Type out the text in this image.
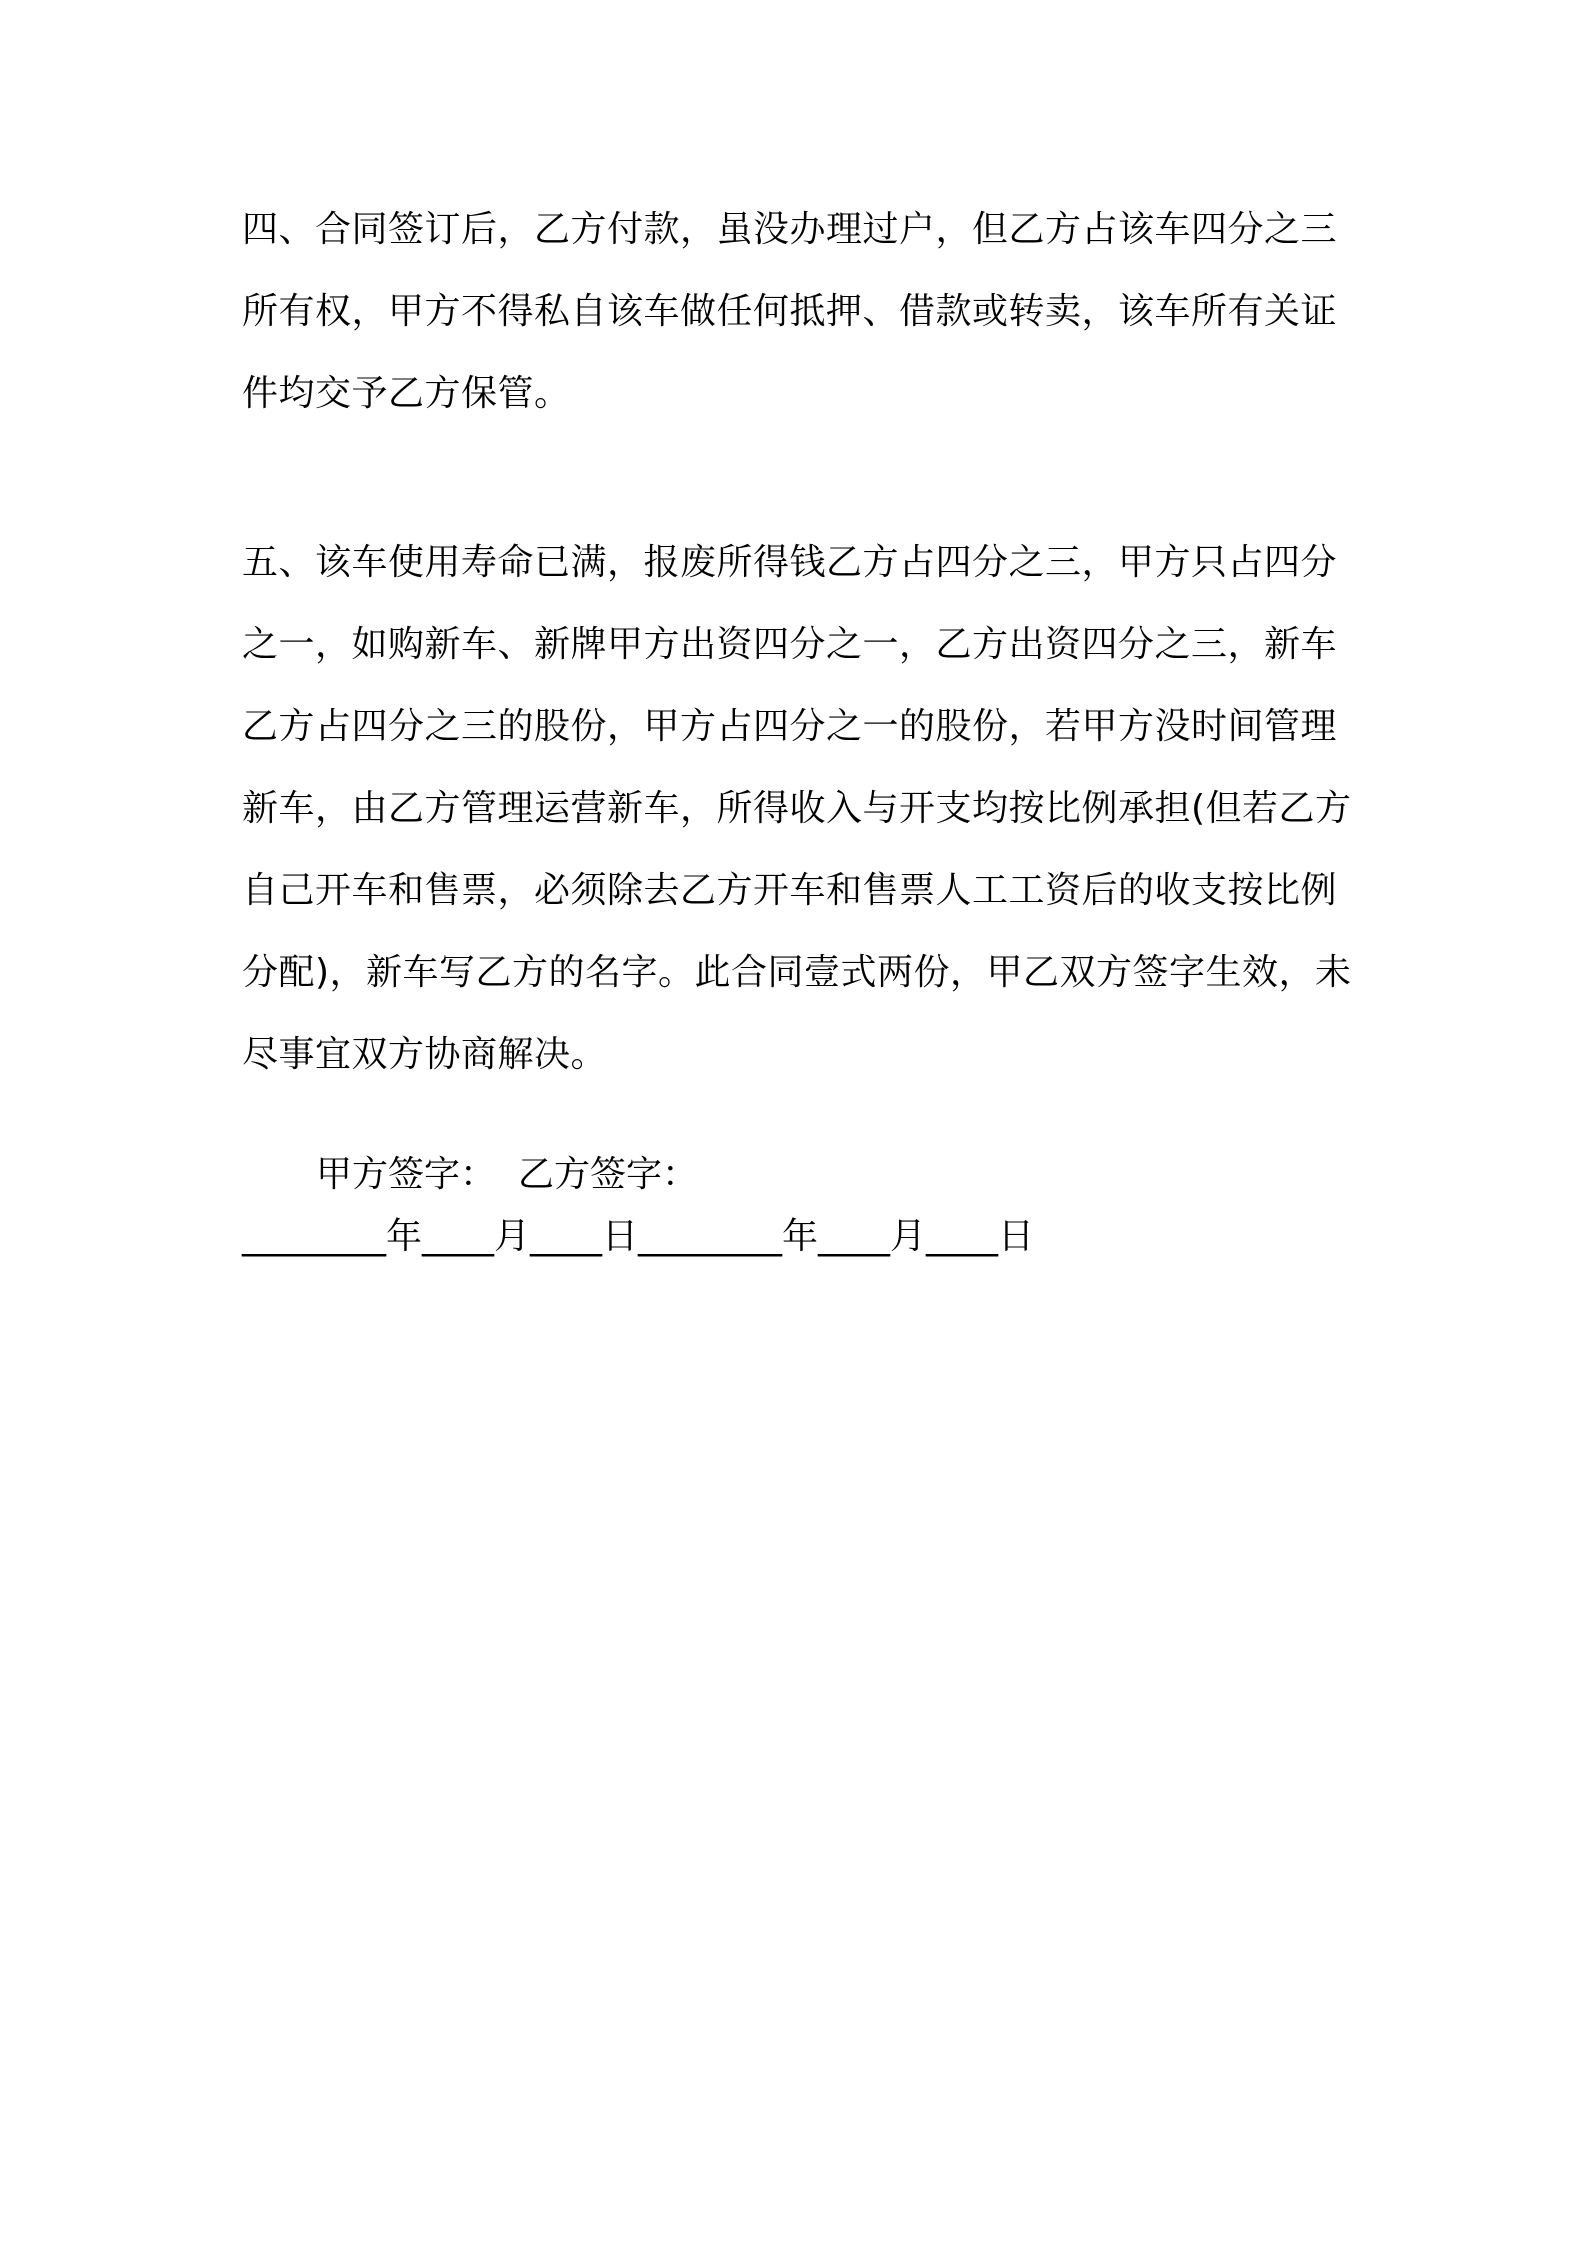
四、合同签订后，乙方付款，虽没办理过户，但乙方占该车四分之三所有权，甲方不得私自该车做任何抵押、借款或转卖，该车所有关证件均交予乙方保管。

五、该车使用寿命已满，报废所得钱乙方占四分之三，甲方只占四分之一，如购新车、新牌甲方出资四分之一，乙方出资四分之三，新车乙方占四分之三的股份，甲方占四分之一的股份，若甲方没时间管理新车，由乙方管理运营新车，所得收入与开支均按比例承担(但若乙方自己开车和售票，必须除去乙方开车和售票人工工资后的收支按比例分配)，新车写乙方的名字。此合同壹式两份，甲乙双方签字生效，未尽事宜双方协商解决。

甲方签字： 乙方签字：
________年____月____日________年____月____日
